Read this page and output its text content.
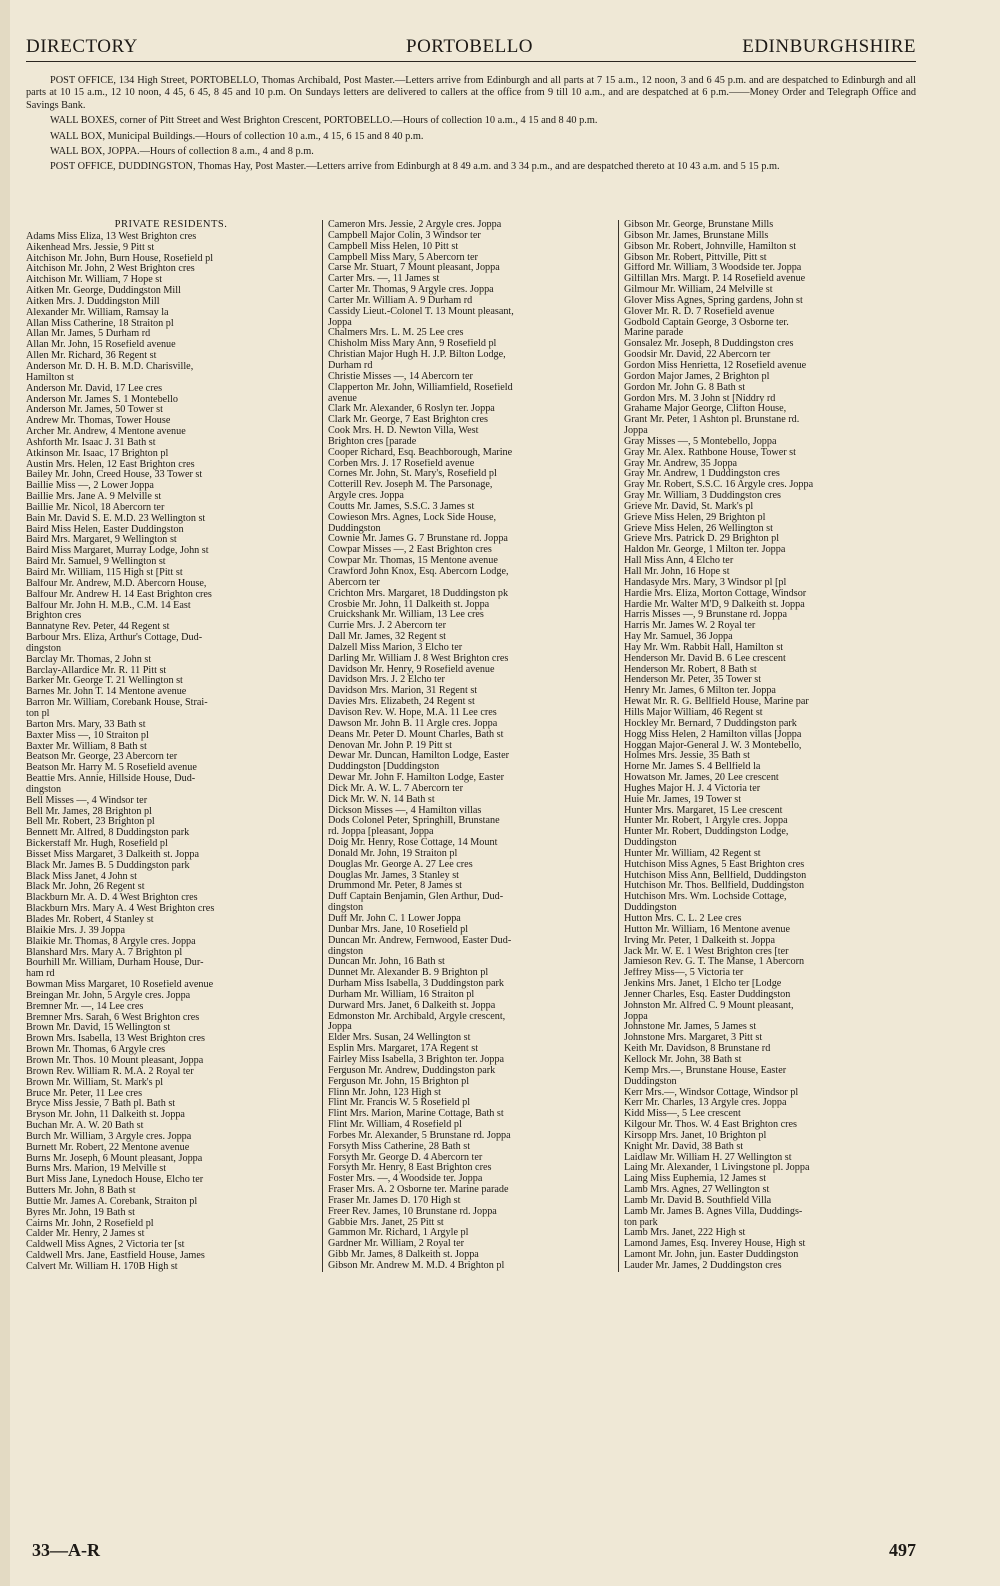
DIRECTORY	PORTOBELLO	EDINBURGHSHIRE

POST OFFICE, 134 High Street, PORTOBELLO, Thomas Archibald, Post Master.—Letters arrive from Edinburgh and all parts at 7 15 a.m., 12 noon, 3 and 6 45 p.m. and are despatched to Edinburgh and all parts at 10 15 a.m., 12 10 noon, 4 45, 6 45, 8 45 and 10 p.m. On Sundays letters are delivered to callers at the office from 9 till 10 a.m., and are despatched at 6 p.m.——Money Order and Telegraph Office and Savings Bank.

WALL BOXES, corner of Pitt Street and West Brighton Crescent, PORTOBELLO.—Hours of collection 10 a.m., 4 15 and 8 40 p.m.

WALL BOX, Municipal Buildings.—Hours of collection 10 a.m., 4 15, 6 15 and 8 40 p.m.

WALL BOX, JOPPA.—Hours of collection 8 a.m., 4 and 8 p.m.

POST OFFICE, DUDDINGSTON, Thomas Hay, Post Master.—Letters arrive from Edinburgh at 8 49 a.m. and 3 34 p.m., and are despatched thereto at 10 43 a.m. and 5 15 p.m.

PRIVATE RESIDENTS.
Adams Miss Eliza, 13 West Brighton cres
Aikenhead Mrs. Jessie, 9 Pitt st
Aitchison Mr. John, Burn House, Rosefield pl
Aitchison Mr. John, 2 West Brighton cres
Aitchison Mr. William, 7 Hope st
Aitken Mr. George, Duddingston Mill
Aitken Mrs. J. Duddingston Mill
Alexander Mr. William, Ramsay la
Allan Miss Catherine, 18 Straiton pl
Allan Mr. James, 5 Durham rd
Allan Mr. John, 15 Rosefield avenue
Allen Mr. Richard, 36 Regent st
Anderson Mr. D. H. B. M.D. Charisville,
Hamilton st
Anderson Mr. David, 17 Lee cres
Anderson Mr. James S. 1 Montebello
Anderson Mr. James, 50 Tower st
Andrew Mr. Thomas, Tower House
Archer Mr. Andrew, 4 Mentone avenue
Ashforth Mr. Isaac J. 31 Bath st
Atkinson Mr. Isaac, 17 Brighton pl
Austin Mrs. Helen, 12 East Brighton cres
Bailey Mr. John, Creed House, 33 Tower st
Baillie Miss —, 2 Lower Joppa
Baillie Mrs. Jane A. 9 Melville st
Baillie Mr. Nicol, 18 Abercorn ter
Bain Mr. David S. E. M.D. 23 Wellington st
Baird Miss Helen, Easter Duddingston
Baird Mrs. Margaret, 9 Wellington st
Baird Miss Margaret, Murray Lodge, John st
Baird Mr. Samuel, 9 Wellington st
Baird Mr. William, 115 High st [Pitt st
Balfour Mr. Andrew, M.D. Abercorn House,
Balfour Mr. Andrew H. 14 East Brighton cres
Balfour Mr. John H. M.B., C.M. 14 East
Brighton cres
Bannatyne Rev. Peter, 44 Regent st
Barbour Mrs. Eliza, Arthur's Cottage, Dud-
dingston
Barclay Mr. Thomas, 2 John st
Barclay-Allardice Mr. R. 11 Pitt st
Barker Mr. George T. 21 Wellington st
Barnes Mr. John T. 14 Mentone avenue
Barron Mr. William, Corebank House, Strai-
ton pl
Barton Mrs. Mary, 33 Bath st
Baxter Miss —, 10 Straiton pl
Baxter Mr. William, 8 Bath st
Beatson Mr. George, 23 Abercorn ter
Beatson Mr. Harry M. 5 Rosefield avenue
Beattie Mrs. Annie, Hillside House, Dud-
dingston
Bell Misses —, 4 Windsor ter
Bell Mr. James, 28 Brighton pl
Bell Mr. Robert, 23 Brighton pl
Bennett Mr. Alfred, 8 Duddingston park
Bickerstaff Mr. Hugh, Rosefield pl
Bisset Miss Margaret, 3 Dalkeith st. Joppa
Black Mr. James B. 5 Duddingston park
Black Miss Janet, 4 John st
Black Mr. John, 26 Regent st
Blackburn Mr. A. D. 4 West Brighton cres
Blackburn Mrs. Mary A. 4 West Brighton cres
Blades Mr. Robert, 4 Stanley st
Blaikie Mrs. J. 39 Joppa
Blaikie Mr. Thomas, 8 Argyle cres. Joppa
Blanshard Mrs. Mary A. 7 Brighton pl
Bourhill Mr. William, Durham House, Dur-
ham rd
Bowman Miss Margaret, 10 Rosefield avenue
Breingan Mr. John, 5 Argyle cres. Joppa
Bremner Mr. —, 14 Lee cres
Bremner Mrs. Sarah, 6 West Brighton cres
Brown Mr. David, 15 Wellington st
Brown Mrs. Isabella, 13 West Brighton cres
Brown Mr. Thomas, 6 Argyle cres
Brown Mr. Thos. 10 Mount pleasant, Joppa
Brown Rev. William R. M.A. 2 Royal ter
Brown Mr. William, St. Mark's pl
Bruce Mr. Peter, 11 Lee cres
Bryce Miss Jessie, 7 Bath pl. Bath st
Bryson Mr. John, 11 Dalkeith st. Joppa
Buchan Mr. A. W. 20 Bath st
Burch Mr. William, 3 Argyle cres. Joppa
Burnett Mr. Robert, 22 Mentone avenue
Burns Mr. Joseph, 6 Mount pleasant, Joppa
Burns Mrs. Marion, 19 Melville st
Burt Miss Jane, Lynedoch House, Elcho ter
Butters Mr. John, 8 Bath st
Buttie Mr. James A. Corebank, Straiton pl
Byres Mr. John, 19 Bath st
Cairns Mr. John, 2 Rosefield pl
Calder Mr. Henry, 2 James st
Caldwell Miss Agnes, 2 Victoria ter [st
Caldwell Mrs. Jane, Eastfield House, James
Calvert Mr. William H. 170B High st
Cameron Mrs. Jessie, 2 Argyle cres. Joppa
Campbell Major Colin, 3 Windsor ter
Campbell Miss Helen, 10 Pitt st
Campbell Miss Mary, 5 Abercorn ter
Carse Mr. Stuart, 7 Mount pleasant, Joppa
Carter Mrs. —, 11 James st
Carter Mr. Thomas, 9 Argyle cres. Joppa
Carter Mr. William A. 9 Durham rd
Cassidy Lieut.-Colonel T. 13 Mount pleasant,
Joppa
Chalmers Mrs. L. M. 25 Lee cres
Chisholm Miss Mary Ann, 9 Rosefield pl
Christian Major Hugh H. J.P. Bilton Lodge,
Durham rd
Christie Misses —, 14 Abercorn ter
Clapperton Mr. John, Williamfield, Rosefield
avenue
Clark Mr. Alexander, 6 Roslyn ter. Joppa
Clark Mr. George, 7 East Brighton cres
Cook Mrs. H. D. Newton Villa, West
Brighton cres [parade
Cooper Richard, Esq. Beachborough, Marine
Corben Mrs. J. 17 Rosefield avenue
Cornes Mr. John, St. Mary's, Rosefield pl
Cotterill Rev. Joseph M. The Parsonage,
Argyle cres. Joppa
Coutts Mr. James, S.S.C. 3 James st
Cowieson Mrs. Agnes, Lock Side House,
Duddingston
Cownie Mr. James G. 7 Brunstane rd. Joppa
Cowpar Misses —, 2 East Brighton cres
Cowpar Mr. Thomas, 15 Mentone avenue
Crawford John Knox, Esq. Abercorn Lodge,
Abercorn ter
Crichton Mrs. Margaret, 18 Duddingston pk
Crosbie Mr. John, 11 Dalkeith st. Joppa
Cruickshank Mr. William, 13 Lee cres
Currie Mrs. J. 2 Abercorn ter
Dall Mr. James, 32 Regent st
Dalzell Miss Marion, 3 Elcho ter
Darling Mr. William J. 8 West Brighton cres
Davidson Mr. Henry, 9 Rosefield avenue
Davidson Mrs. J. 2 Elcho ter
Davidson Mrs. Marion, 31 Regent st
Davies Mrs. Elizabeth, 24 Regent st
Davison Rev. W. Hope, M.A. 11 Lee cres
Dawson Mr. John B. 11 Argle cres. Joppa
Deans Mr. Peter D. Mount Charles, Bath st
Denovan Mr. John P. 19 Pitt st
Dewar Mr. Duncan, Hamilton Lodge, Easter
Duddingston [Duddingston
Dewar Mr. John F. Hamilton Lodge, Easter
Dick Mr. A. W. L. 7 Abercorn ter
Dick Mr. W. N. 14 Bath st
Dickson Misses —, 4 Hamilton villas
Dods Colonel Peter, Springhill, Brunstane
rd. Joppa [pleasant, Joppa
Doig Mr. Henry, Rose Cottage, 14 Mount
Donald Mr. John, 19 Straiton pl
Douglas Mr. George A. 27 Lee cres
Douglas Mr. James, 3 Stanley st
Drummond Mr. Peter, 8 James st
Duff Captain Benjamin, Glen Arthur, Dud-
dingston
Duff Mr. John C. 1 Lower Joppa
Dunbar Mrs. Jane, 10 Rosefield pl
Duncan Mr. Andrew, Fernwood, Easter Dud-
dingston
Duncan Mr. John, 16 Bath st
Dunnet Mr. Alexander B. 9 Brighton pl
Durham Miss Isabella, 3 Duddingston park
Durham Mr. William, 16 Straiton pl
Durward Mrs. Janet, 6 Dalkeith st. Joppa
Edmonston Mr. Archibald, Argyle crescent,
Joppa
Elder Mrs. Susan, 24 Wellington st
Esplin Mrs. Margaret, 17A Regent st
Fairley Miss Isabella, 3 Brighton ter. Joppa
Ferguson Mr. Andrew, Duddingston park
Ferguson Mr. John, 15 Brighton pl
Flinn Mr. John, 123 High st
Flint Mr. Francis W. 5 Rosefield pl
Flint Mrs. Marion, Marine Cottage, Bath st
Flint Mr. William, 4 Rosefield pl
Forbes Mr. Alexander, 5 Brunstane rd. Joppa
Forsyth Miss Catherine, 28 Bath st
Forsyth Mr. George D. 4 Abercorn ter
Forsyth Mr. Henry, 8 East Brighton cres
Foster Mrs. —, 4 Woodside ter. Joppa
Fraser Mrs. A. 2 Osborne ter. Marine parade
Fraser Mr. James D. 170 High st
Freer Rev. James, 10 Brunstane rd. Joppa
Gabbie Mrs. Janet, 25 Pitt st
Gammon Mr. Richard, 1 Argyle pl
Gardner Mr. William, 2 Royal ter
Gibb Mr. James, 8 Dalkeith st. Joppa
Gibson Mr. Andrew M. M.D. 4 Brighton pl
Gibson Mr. George, Brunstane Mills
Gibson Mr. James, Brunstane Mills
Gibson Mr. Robert, Johnville, Hamilton st
Gibson Mr. Robert, Pittville, Pitt st
Gifford Mr. William, 3 Woodside ter. Joppa
Gilfillan Mrs. Margt. P. 14 Rosefield avenue
Gilmour Mr. William, 24 Melville st
Glover Miss Agnes, Spring gardens, John st
Glover Mr. R. D. 7 Rosefield avenue
Godbold Captain George, 3 Osborne ter.
Marine parade
Gonsalez Mr. Joseph, 8 Duddingston cres
Goodsir Mr. David, 22 Abercorn ter
Gordon Miss Henrietta, 12 Rosefield avenue
Gordon Major James, 2 Brighton pl
Gordon Mr. John G. 8 Bath st
Gordon Mrs. M. 3 John st [Niddry rd
Grahame Major George, Clifton House,
Grant Mr. Peter, 1 Ashton pl. Brunstane rd.
Joppa
Gray Misses —, 5 Montebello, Joppa
Gray Mr. Alex. Rathbone House, Tower st
Gray Mr. Andrew, 35 Joppa
Gray Mr. Andrew, 1 Duddingston cres
Gray Mr. Robert, S.S.C. 16 Argyle cres. Joppa
Gray Mr. William, 3 Duddingston cres
Grieve Mr. David, St. Mark's pl
Grieve Miss Helen, 29 Brighton pl
Grieve Miss Helen, 26 Wellington st
Grieve Mrs. Patrick D. 29 Brighton pl
Haldon Mr. George, 1 Milton ter. Joppa
Hall Miss Ann, 4 Elcho ter
Hall Mr. John, 16 Hope st
Handasyde Mrs. Mary, 3 Windsor pl [pl
Hardie Mrs. Eliza, Morton Cottage, Windsor
Hardie Mr. Walter M'D, 9 Dalkeith st. Joppa
Harris Misses —, 9 Brunstane rd. Joppa
Harris Mr. James W. 2 Royal ter
Hay Mr. Samuel, 36 Joppa
Hay Mr. Wm. Rabbit Hall, Hamilton st
Henderson Mr. David B. 6 Lee crescent
Henderson Mr. Robert, 8 Bath st
Henderson Mr. Peter, 35 Tower st
Henry Mr. James, 6 Milton ter. Joppa
Hewat Mr. R. G. Bellfield House, Marine par
Hills Major William, 46 Regent st
Hockley Mr. Bernard, 7 Duddingston park
Hogg Miss Helen, 2 Hamilton villas [Joppa
Hoggan Major-General J. W. 3 Montebello,
Holmes Mrs. Jessie, 35 Bath st
Horne Mr. James S. 4 Bellfield la
Howatson Mr. James, 20 Lee crescent
Hughes Major H. J. 4 Victoria ter
Huie Mr. James, 19 Tower st
Hunter Mrs. Margaret, 15 Lee crescent
Hunter Mr. Robert, 1 Argyle cres. Joppa
Hunter Mr. Robert, Duddingston Lodge,
Duddingston
Hunter Mr. William, 42 Regent st
Hutchison Miss Agnes, 5 East Brighton cres
Hutchison Miss Ann, Bellfield, Duddingston
Hutchison Mr. Thos. Bellfield, Duddingston
Hutchison Mrs. Wm. Lochside Cottage,
Duddingston
Hutton Mrs. C. L. 2 Lee cres
Hutton Mr. William, 16 Mentone avenue
Irving Mr. Peter, 1 Dalkeith st. Joppa
Jack Mr. W. E. 1 West Brighton cres [ter
Jamieson Rev. G. T. The Manse, 1 Abercorn
Jeffrey Miss—, 5 Victoria ter
Jenkins Mrs. Janet, 1 Elcho ter [Lodge
Jenner Charles, Esq. Easter Duddingston
Johnston Mr. Alfred C. 9 Mount pleasant,
Joppa
Johnstone Mr. James, 5 James st
Johnstone Mrs. Margaret, 3 Pitt st
Keith Mr. Davidson, 8 Brunstane rd
Kellock Mr. John, 38 Bath st
Kemp Mrs.—, Brunstane House, Easter
Duddingston
Kerr Mrs.—, Windsor Cottage, Windsor pl
Kerr Mr. Charles, 13 Argyle cres. Joppa
Kidd Miss—, 5 Lee crescent
Kilgour Mr. Thos. W. 4 East Brighton cres
Kirsopp Mrs. Janet, 10 Brighton pl
Knight Mr. David, 38 Bath st
Laidlaw Mr. William H. 27 Wellington st
Laing Mr. Alexander, 1 Livingstone pl. Joppa
Laing Miss Euphemia, 12 James st
Lamb Mrs. Agnes, 27 Wellington st
Lamb Mr. David B. Southfield Villa
Lamb Mr. James B. Agnes Villa, Duddings-
ton park
Lamb Mrs. Janet, 222 High st
Lamond James, Esq. Inverey House, High st
Lamont Mr. John, jun. Easter Duddingston
Lauder Mr. James, 2 Duddingston cres
33—A-R	497
